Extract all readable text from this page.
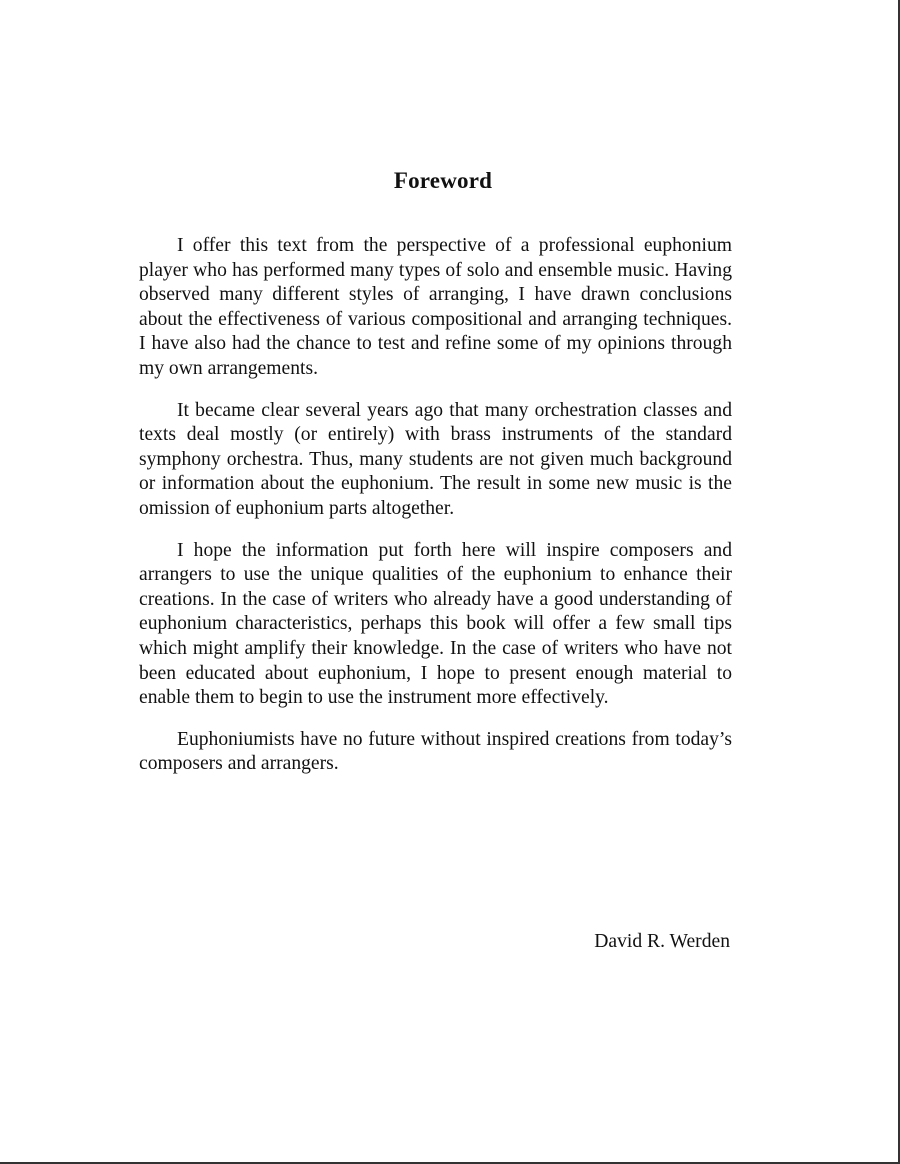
Foreword

I offer this text from the perspective of a professional euphonium player who has performed many types of solo and ensemble music. Having observed many different styles of arranging, I have drawn conclusions about the effectiveness of various compositional and arranging techniques. I have also had the chance to test and refine some of my opinions through my own arrangements.

It became clear several years ago that many orchestration classes and texts deal mostly (or entirely) with brass instruments of the standard symphony orchestra. Thus, many students are not given much background or information about the euphonium. The result in some new music is the omission of euphonium parts altogether.

I hope the information put forth here will inspire composers and arrangers to use the unique qualities of the euphonium to enhance their creations. In the case of writers who already have a good understanding of euphonium characteristics, perhaps this book will offer a few small tips which might amplify their knowledge. In the case of writers who have not been educated about euphonium, I hope to present enough material to enable them to begin to use the instrument more effectively.

Euphoniumists have no future without inspired creations from today’s composers and arrangers.

David R. Werden
